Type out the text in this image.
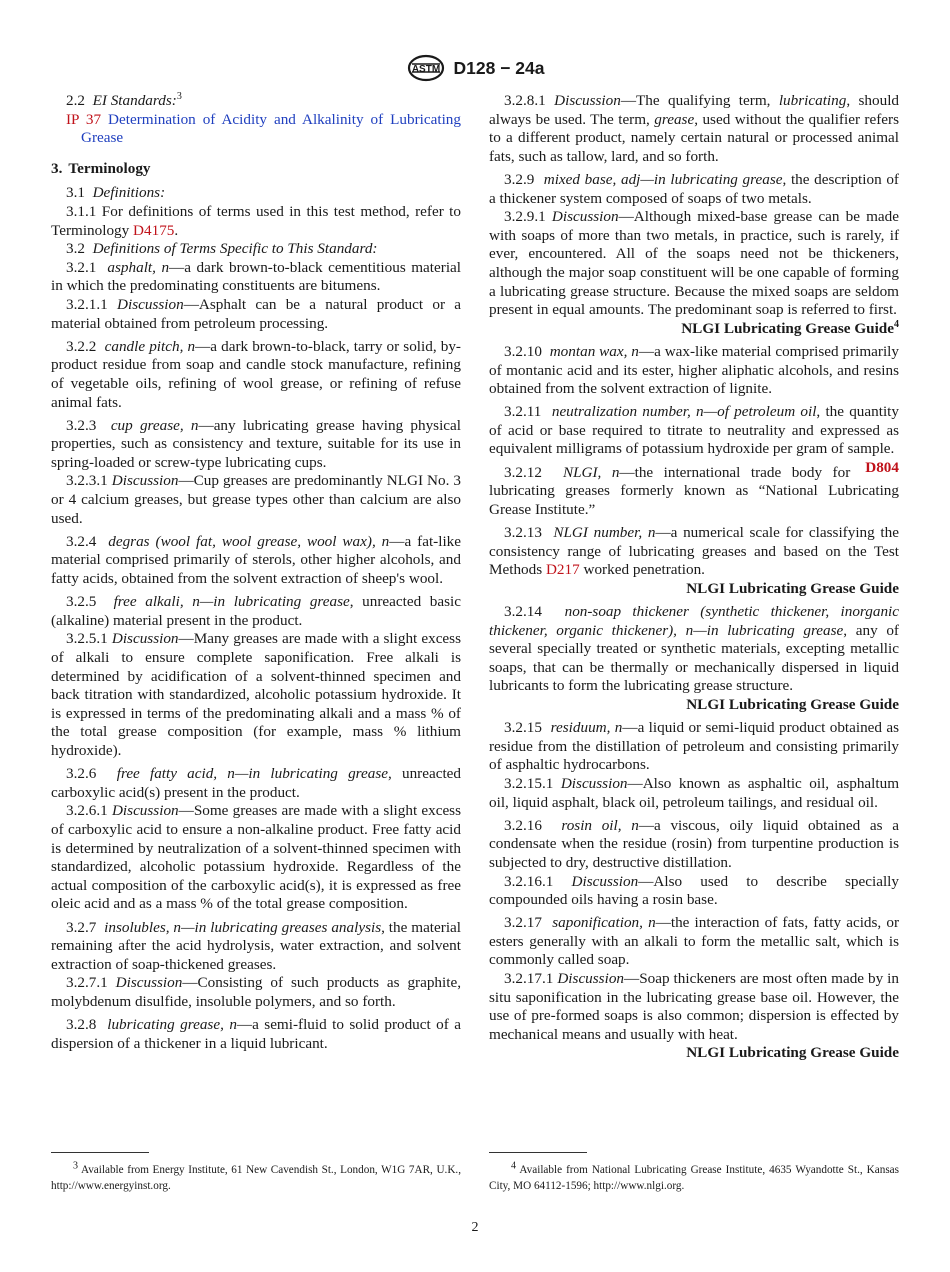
ASTM D128 − 24a

2.2 EI Standards:$^3$

IP 37 Determination of Acidity and Alkalinity of Lubricating Grease

3. Terminology

3.1 Definitions:

3.1.1 For definitions of terms used in this test method, refer to Terminology D4175.

3.2 Definitions of Terms Specific to This Standard:

3.2.1 asphalt, n—a dark brown-to-black cementitious material in which the predominating constituents are bitumens.

3.2.1.1 Discussion—Asphalt can be a natural product or a material obtained from petroleum processing.

3.2.2 candle pitch, n—a dark brown-to-black, tarry or solid, by-product residue from soap and candle stock manufacture, refining of vegetable oils, refining of wool grease, or refining of refuse animal fats.

3.2.3 cup grease, n—any lubricating grease having physical properties, such as consistency and texture, suitable for its use in spring-loaded or screw-type lubricating cups.

3.2.3.1 Discussion—Cup greases are predominantly NLGI No. 3 or 4 calcium greases, but grease types other than calcium are also used.

3.2.4 degras (wool fat, wool grease, wool wax), n—a fat-like material comprised primarily of sterols, other higher alcohols, and fatty acids, obtained from the solvent extraction of sheep's wool.

3.2.5 free alkali, n—in lubricating grease, unreacted basic (alkaline) material present in the product.

3.2.5.1 Discussion—Many greases are made with a slight excess of alkali to ensure complete saponification. Free alkali is determined by acidification of a solvent-thinned specimen and back titration with standardized, alcoholic potassium hydroxide. It is expressed in terms of the predominating alkali and a mass % of the total grease composition (for example, mass % lithium hydroxide).

3.2.6 free fatty acid, n—in lubricating grease, unreacted carboxylic acid(s) present in the product.

3.2.6.1 Discussion—Some greases are made with a slight excess of carboxylic acid to ensure a non-alkaline product. Free fatty acid is determined by neutralization of a solvent-thinned specimen with standardized, alcoholic potassium hydroxide. Regardless of the actual composition of the carboxylic acid(s), it is expressed as free oleic acid and as a mass % of the total grease composition.

3.2.7 insolubles, n—in lubricating greases analysis, the material remaining after the acid hydrolysis, water extraction, and solvent extraction of soap-thickened greases.

3.2.7.1 Discussion—Consisting of such products as graphite, molybdenum disulfide, insoluble polymers, and so forth.

3.2.8 lubricating grease, n—a semi-fluid to solid product of a dispersion of a thickener in a liquid lubricant.

3.2.8.1 Discussion—The qualifying term, lubricating, should always be used. The term, grease, used without the qualifier refers to a different product, namely certain natural or processed animal fats, such as tallow, lard, and so forth.

3.2.9 mixed base, adj—in lubricating grease, the description of a thickener system composed of soaps of two metals.

3.2.9.1 Discussion—Although mixed-base grease can be made with soaps of more than two metals, in practice, such is rarely, if ever, encountered. All of the soaps need not be thickeners, although the major soap constituent will be one capable of forming a lubricating grease structure. Because the mixed soaps are seldom present in equal amounts. The predominant soap is referred to first.

NLGI Lubricating Grease Guide$^4$

3.2.10 montan wax, n—a wax-like material comprised primarily of montanic acid and its ester, higher aliphatic alcohols, and resins obtained from the solvent extraction of lignite.

3.2.11 neutralization number, n—of petroleum oil, the quantity of acid or base required to titrate to neutrality and expressed as equivalent milligrams of potassium hydroxide per gram of sample.
D804

3.2.12 NLGI, n—the international trade body for lubricating greases formerly known as “National Lubricating Grease Institute.”

3.2.13 NLGI number, n—a numerical scale for classifying the consistency range of lubricating greases and based on the Test Methods D217 worked penetration.

NLGI Lubricating Grease Guide

3.2.14 non-soap thickener (synthetic thickener, inorganic thickener, organic thickener), n—in lubricating grease, any of several specially treated or synthetic materials, excepting metallic soaps, that can be thermally or mechanically dispersed in liquid lubricants to form the lubricating grease structure.

NLGI Lubricating Grease Guide

3.2.15 residuum, n—a liquid or semi-liquid product obtained as residue from the distillation of petroleum and consisting primarily of asphaltic hydrocarbons.

3.2.15.1 Discussion—Also known as asphaltic oil, asphaltum oil, liquid asphalt, black oil, petroleum tailings, and residual oil.

3.2.16 rosin oil, n—a viscous, oily liquid obtained as a condensate when the residue (rosin) from turpentine production is subjected to dry, destructive distillation.

3.2.16.1 Discussion—Also used to describe specially compounded oils having a rosin base.

3.2.17 saponification, n—the interaction of fats, fatty acids, or esters generally with an alkali to form the metallic salt, which is commonly called soap.

3.2.17.1 Discussion—Soap thickeners are most often made by in situ saponification in the lubricating grease base oil. However, the use of pre-formed soaps is also common; dispersion is effected by mechanical means and usually with heat.
NLGI Lubricating Grease Guide

$^3$ Available from Energy Institute, 61 New Cavendish St., London, W1G 7AR, U.K., http://www.energyinst.org.

$^4$ Available from National Lubricating Grease Institute, 4635 Wyandotte St., Kansas City, MO 64112-1596; http://www.nlgi.org.

2
